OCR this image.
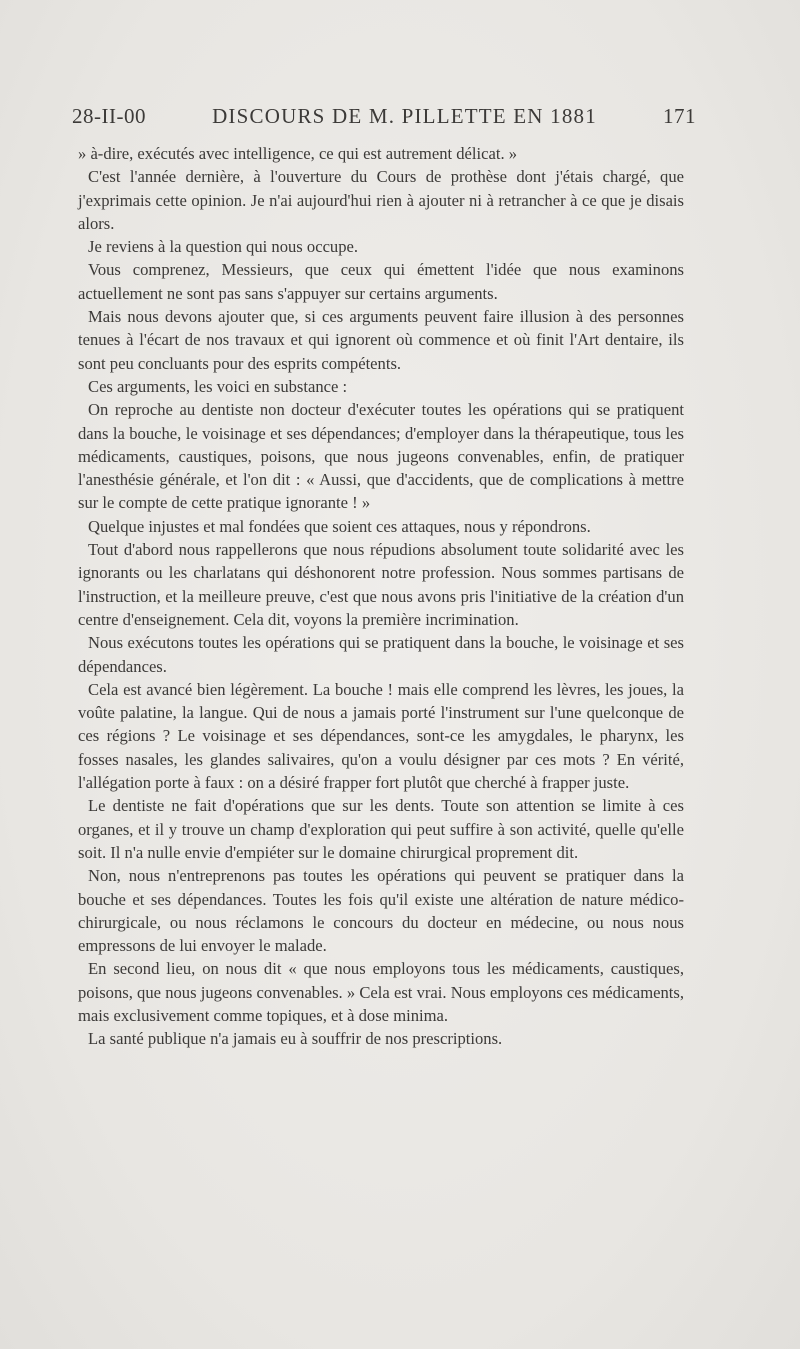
28-II-00	DISCOURS DE M. PILLETTE EN 1881	171

» à-dire, exécutés avec intelligence, ce qui est autrement délicat. »

C'est l'année dernière, à l'ouverture du Cours de prothèse dont j'étais chargé, que j'exprimais cette opinion. Je n'ai aujourd'hui rien à ajouter ni à retrancher à ce que je disais alors.

Je reviens à la question qui nous occupe.

Vous comprenez, Messieurs, que ceux qui émettent l'idée que nous examinons actuellement ne sont pas sans s'appuyer sur certains arguments.

Mais nous devons ajouter que, si ces arguments peuvent faire illusion à des personnes tenues à l'écart de nos travaux et qui ignorent où commence et où finit l'Art dentaire, ils sont peu concluants pour des esprits compétents.

Ces arguments, les voici en substance :

On reproche au dentiste non docteur d'exécuter toutes les opérations qui se pratiquent dans la bouche, le voisinage et ses dépendances; d'employer dans la thérapeutique, tous les médicaments, caustiques, poisons, que nous jugeons convenables, enfin, de pratiquer l'anesthésie générale, et l'on dit : « Aussi, que d'accidents, que de complications à mettre sur le compte de cette pratique ignorante ! »

Quelque injustes et mal fondées que soient ces attaques, nous y répondrons.

Tout d'abord nous rappellerons que nous répudions absolument toute solidarité avec les ignorants ou les charlatans qui déshonorent notre profession. Nous sommes partisans de l'instruction, et la meilleure preuve, c'est que nous avons pris l'initiative de la création d'un centre d'enseignement. Cela dit, voyons la première incrimination.

Nous exécutons toutes les opérations qui se pratiquent dans la bouche, le voisinage et ses dépendances.

Cela est avancé bien légèrement. La bouche ! mais elle comprend les lèvres, les joues, la voûte palatine, la langue. Qui de nous a jamais porté l'instrument sur l'une quelconque de ces régions ? Le voisinage et ses dépendances, sont-ce les amygdales, le pharynx, les fosses nasales, les glandes salivaires, qu'on a voulu désigner par ces mots ? En vérité, l'allégation porte à faux : on a désiré frapper fort plutôt que cherché à frapper juste.

Le dentiste ne fait d'opérations que sur les dents. Toute son attention se limite à ces organes, et il y trouve un champ d'exploration qui peut suffire à son activité, quelle qu'elle soit. Il n'a nulle envie d'empiéter sur le domaine chirurgical proprement dit.

Non, nous n'entreprenons pas toutes les opérations qui peuvent se pratiquer dans la bouche et ses dépendances. Toutes les fois qu'il existe une altération de nature médico-chirurgicale, ou nous réclamons le concours du docteur en médecine, ou nous nous empressons de lui envoyer le malade.

En second lieu, on nous dit « que nous employons tous les médicaments, caustiques, poisons, que nous jugeons convenables. » Cela est vrai. Nous employons ces médicaments, mais exclusivement comme topiques, et à dose minima.

La santé publique n'a jamais eu à souffrir de nos prescriptions.
